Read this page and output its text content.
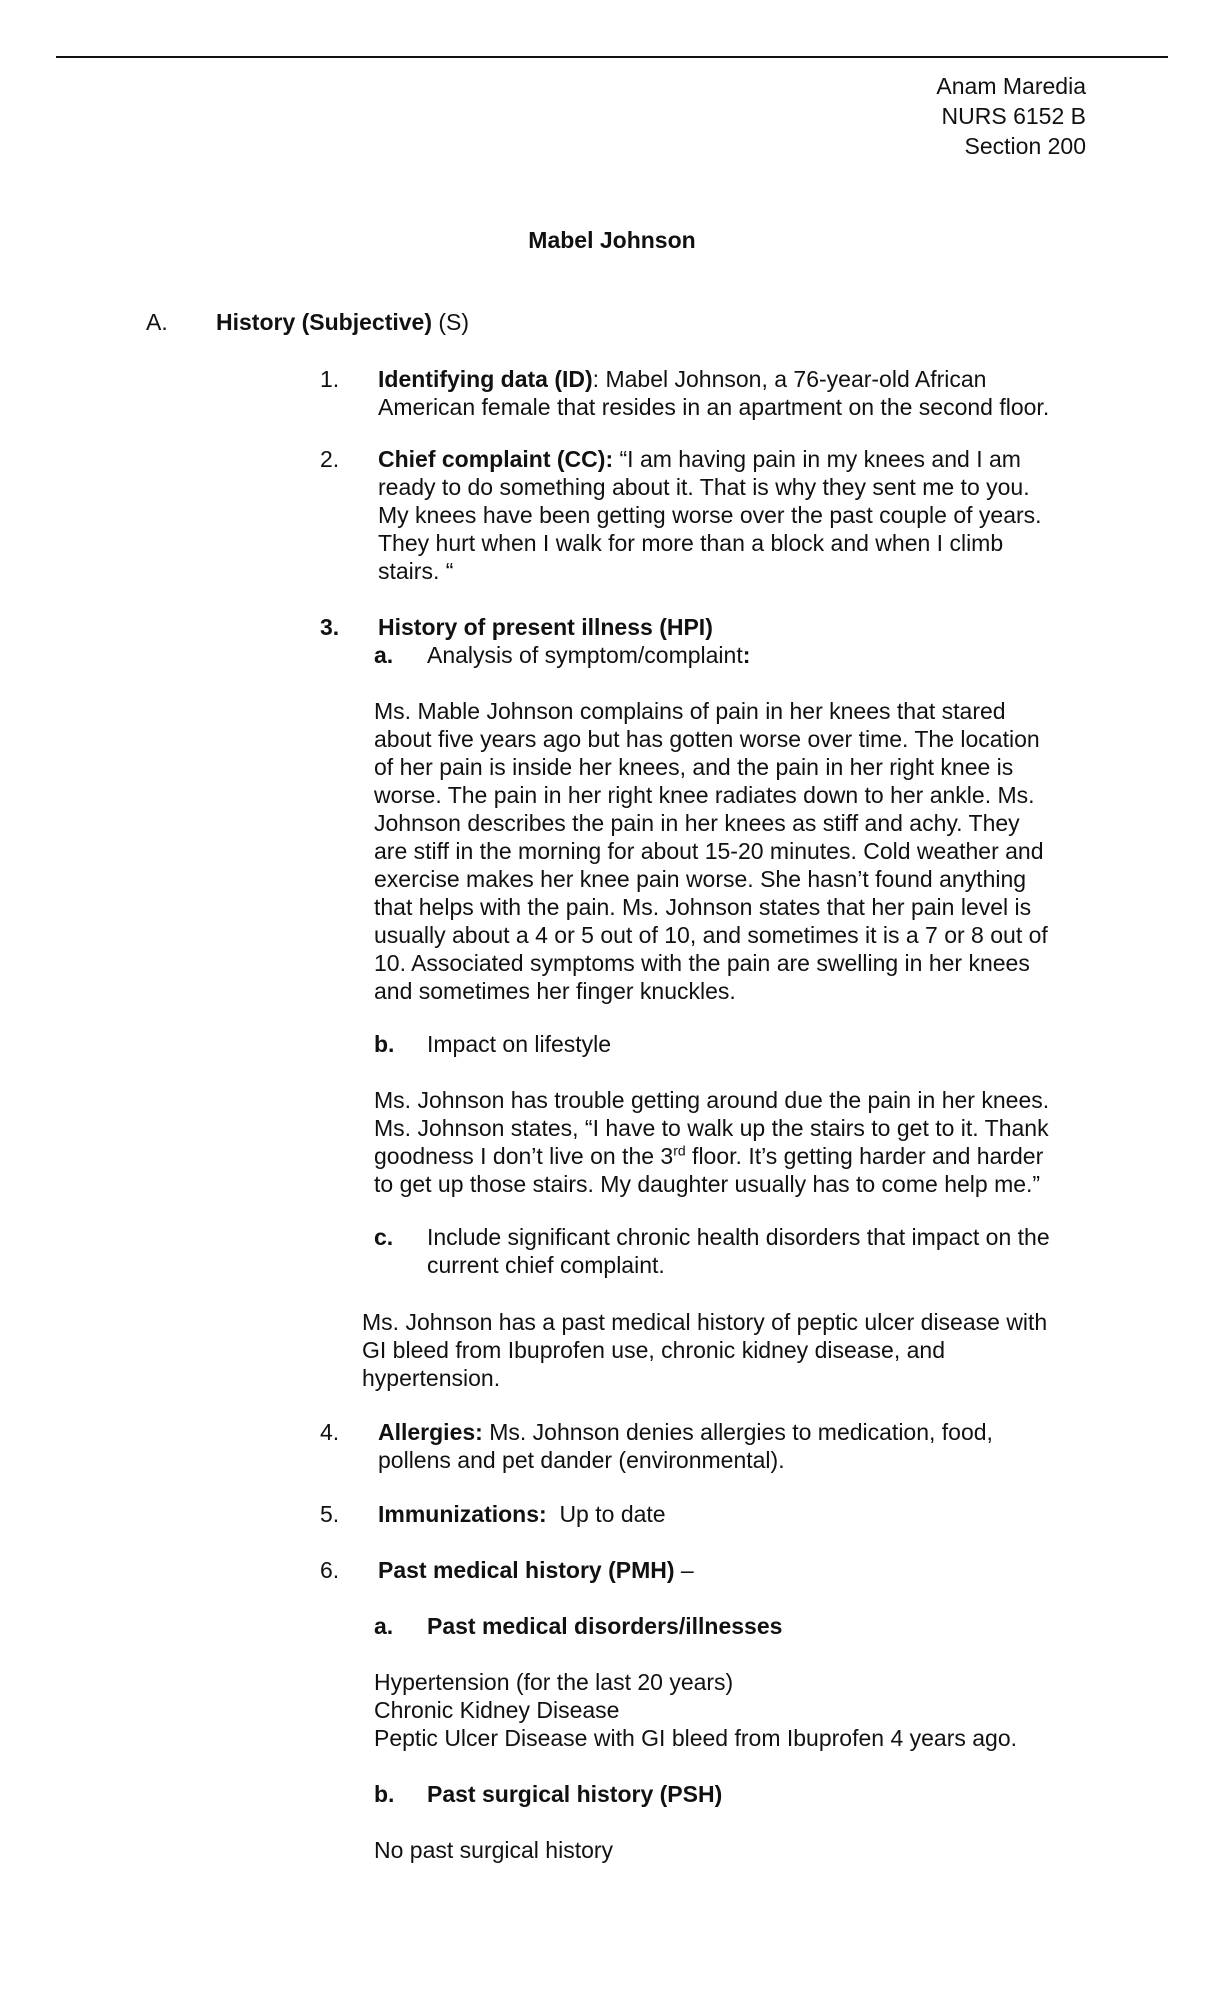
Anam Maredia
NURS 6152 B
Section 200
Mabel Johnson
A. History (Subjective) (S)
1. Identifying data (ID): Mabel Johnson, a 76-year-old African
American female that resides in an apartment on the second floor.
2. Chief complaint (CC): “I am having pain in my knees and I am
ready to do something about it. That is why they sent me to you.
My knees have been getting worse over the past couple of years.
They hurt when I walk for more than a block and when I climb
stairs. “
3. History of present illness (HPI)
a. Analysis of symptom/complaint:
Ms. Mable Johnson complains of pain in her knees that stared
about five years ago but has gotten worse over time. The location
of her pain is inside her knees, and the pain in her right knee is
worse. The pain in her right knee radiates down to her ankle. Ms.
Johnson describes the pain in her knees as stiff and achy. They
are stiff in the morning for about 15-20 minutes. Cold weather and
exercise makes her knee pain worse. She hasn’t found anything
that helps with the pain. Ms. Johnson states that her pain level is
usually about a 4 or 5 out of 10, and sometimes it is a 7 or 8 out of
10. Associated symptoms with the pain are swelling in her knees
and sometimes her finger knuckles.
b. Impact on lifestyle
Ms. Johnson has trouble getting around due the pain in her knees.
Ms. Johnson states, “I have to walk up the stairs to get to it. Thank
goodness I don’t live on the 3rd floor. It’s getting harder and harder
to get up those stairs. My daughter usually has to come help me.”
c. Include significant chronic health disorders that impact on the
current chief complaint.
Ms. Johnson has a past medical history of peptic ulcer disease with
GI bleed from Ibuprofen use, chronic kidney disease, and
hypertension.
4. Allergies: Ms. Johnson denies allergies to medication, food,
pollens and pet dander (environmental).
5. Immunizations:  Up to date
6. Past medical history (PMH) –
a. Past medical disorders/illnesses
Hypertension (for the last 20 years)
Chronic Kidney Disease
Peptic Ulcer Disease with GI bleed from Ibuprofen 4 years ago.
b. Past surgical history (PSH)
No past surgical history
